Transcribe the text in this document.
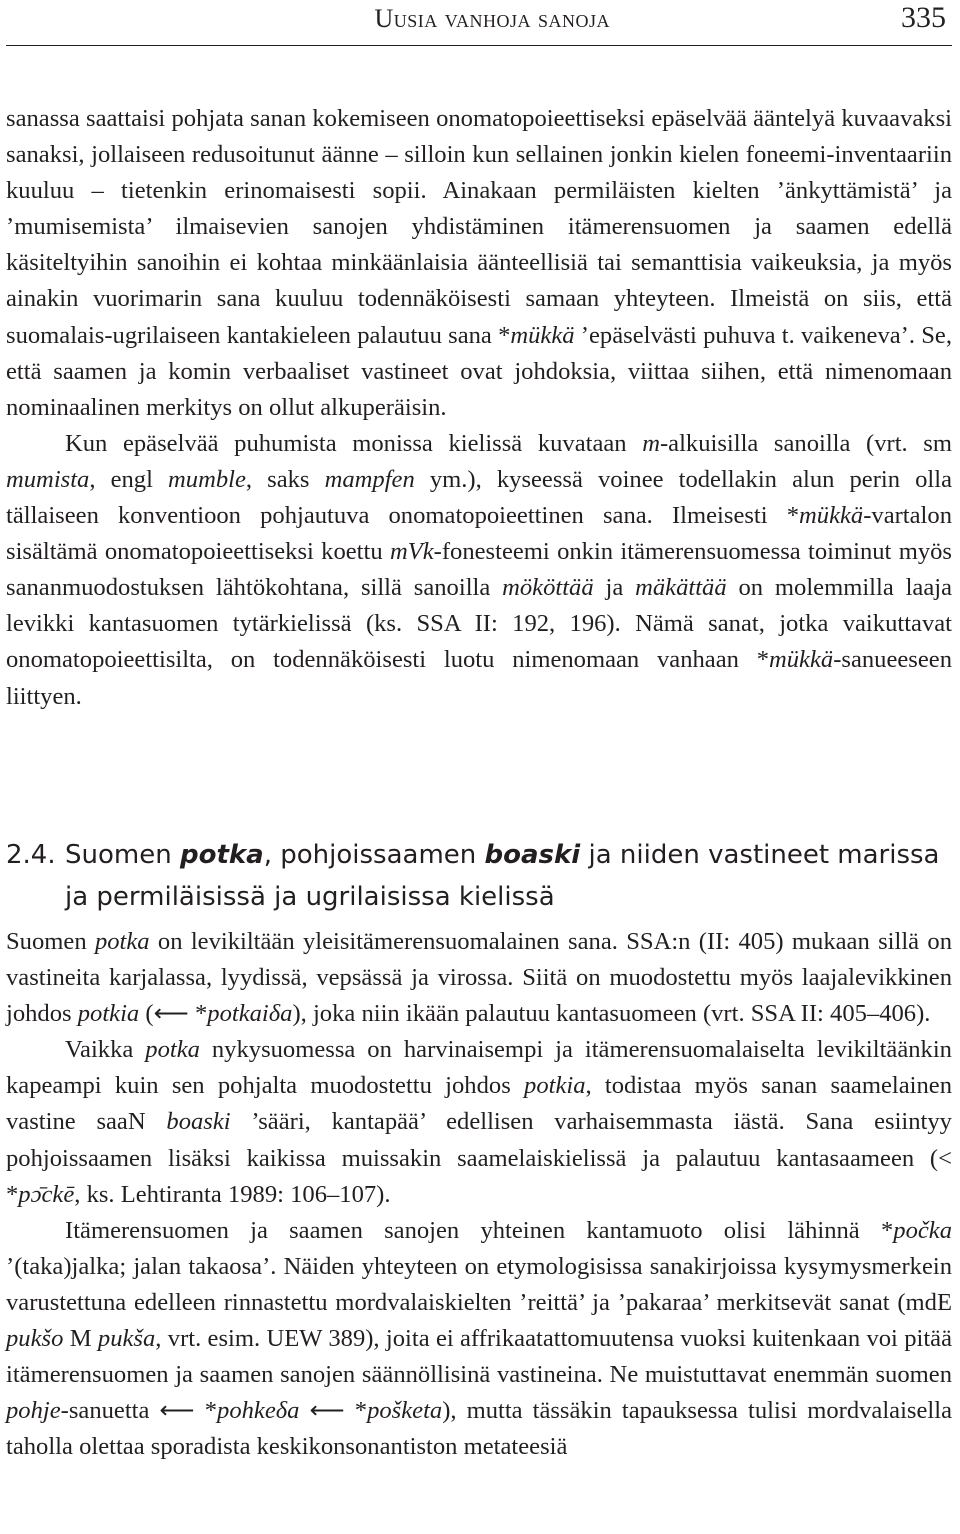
Uusia vanhoja sanoja	335

sanassa saattaisi pohjata sanan kokemiseen onomatopoieettiseksi epäselvää ääntelyä kuvaavaksi sanaksi, jollaiseen redusoitunut äänne – silloin kun sellainen jonkin kielen foneemi-inventaariin kuuluu – tietenkin erinomaisesti sopii. Ainakaan permiläisten kielten ’änkyttämistä’ ja ’mumisemista’ ilmaisevien sanojen yhdistäminen itämerensuomen ja saamen edellä käsiteltyihin sanoihin ei kohtaa minkäänlaisia äänteellisiä tai semanttisia vaikeuksia, ja myös ainakin vuorimarin sana kuuluu todennäköisesti samaan yhteyteen. Ilmeistä on siis, että suomalais-ugrilaiseen kantakieleen palautuu sana *mükkä ’epäselvästi puhuva t. vaikeneva’. Se, että saamen ja komin verbaaliset vastineet ovat johdoksia, viittaa siihen, että nimenomaan nominaalinen merkitys on ollut alkuperäisin.

Kun epäselvää puhumista monissa kielissä kuvataan m-alkuisilla sanoilla (vrt. sm mumista, engl mumble, saks mampfen ym.), kyseessä voinee todellakin alun perin olla tällaiseen konventioon pohjautuva onomatopoieettinen sana. Ilmeisesti *mükkä-vartalon sisältämä onomatopoieettiseksi koettu mVk-fonesteemi onkin itämerensuomessa toiminut myös sananmuodostuksen lähtökohtana, sillä sanoilla mököttää ja mäkättää on molemmilla laaja levikki kantasuomen tytärkielissä (ks. SSA II: 192, 196). Nämä sanat, jotka vaikuttavat onomatopoieettisilta, on todennäköisesti luotu nimenomaan vanhaan *mükkä-sanueeseen liittyen.

2.4. Suomen potka, pohjoissaamen boaski ja niiden vastineet marissa ja permiläisissä ja ugrilaisissa kielissä

Suomen potka on levikiltään yleisitämerensuomalainen sana. SSA:n (II: 405) mukaan sillä on vastineita karjalassa, lyydissä, vepsässä ja virossa. Siitä on muodostettu myös laajalevikkinen johdos potkia (⟵ *potkaiδa), joka niin ikään palautuu kantasuomeen (vrt. SSA II: 405–406).

Vaikka potka nykysuomessa on harvinaisempi ja itämerensuomalaiselta levikiltäänkin kapeampi kuin sen pohjalta muodostettu johdos potkia, todistaa myös sanan saamelainen vastine saaN boaski ’sääri, kantapää’ edellisen varhaisemmasta iästä. Sana esiintyy pohjoissaamen lisäksi kaikissa muissakin saamelaiskielissä ja palautuu kantasaameen (< *pɔ̄ckē, ks. Lehtiranta 1989: 106–107).

Itämerensuomen ja saamen sanojen yhteinen kantamuoto olisi lähinnä *počka ’(taka)jalka; jalan takaosa’. Näiden yhteyteen on etymologisissa sanakirjoissa kysymysmerkein varustettuna edelleen rinnastettu mordvalaiskielten ’reittä’ ja ’pakaraa’ merkitsevät sanat (mdE pukšo M pukša, vrt. esim. UEW 389), joita ei affrikaatattomuutensa vuoksi kuitenkaan voi pitää itämerensuomen ja saamen sanojen säännöllisinä vastineina. Ne muistuttavat enemmän suomen pohje-sanuetta ⟵ *pohkeδa ⟵ *pošketa), mutta tässäkin tapauksessa tulisi mordvalaisella taholla olettaa sporadista keskikonsonantiston metateesiä
